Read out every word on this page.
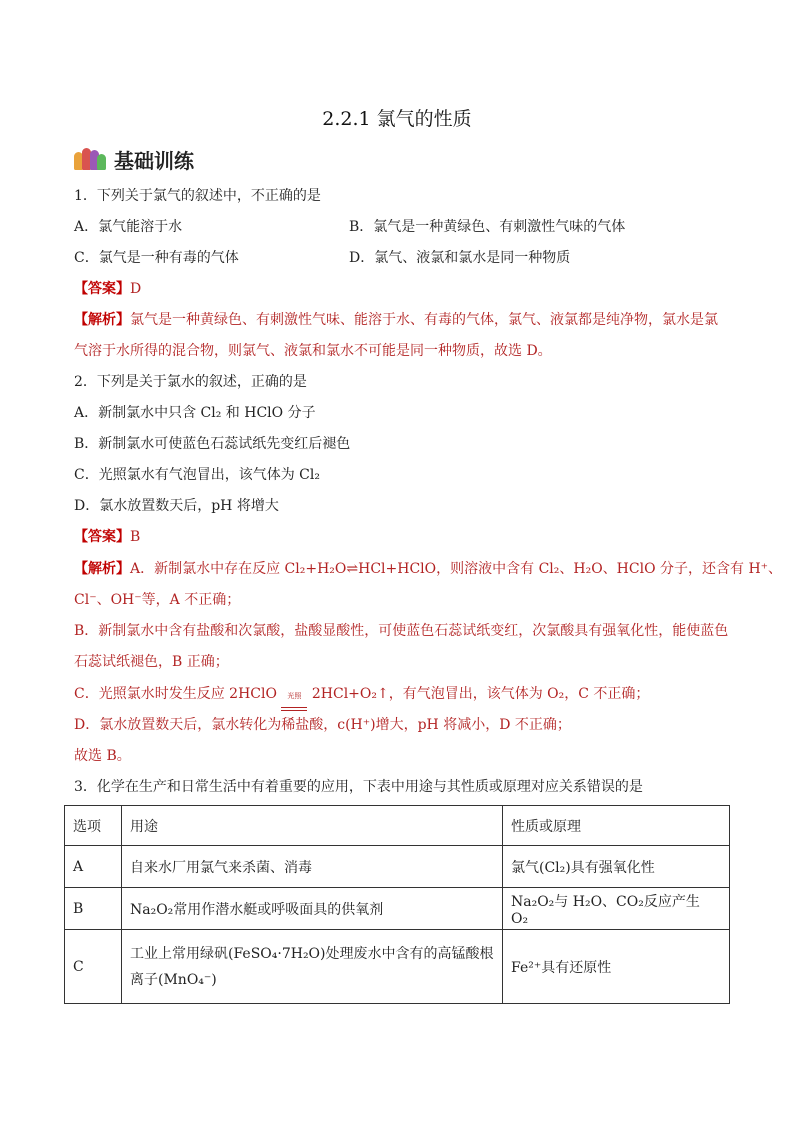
2.2.1 氯气的性质
基础训练
1．下列关于氯气的叙述中，不正确的是
A．氯气能溶于水	B．氯气是一种黄绿色、有刺激性气味的气体
C．氯气是一种有毒的气体	D．氯气、液氯和氯水是同一种物质
【答案】D
【解析】氯气是一种黄绿色、有刺激性气味、能溶于水、有毒的气体，氯气、液氯都是纯净物，氯水是氯
气溶于水所得的混合物，则氯气、液氯和氯水不可能是同一种物质，故选 D。
2．下列是关于氯水的叙述，正确的是
A．新制氯水中只含 Cl₂ 和 HClO 分子
B．新制氯水可使蓝色石蕊试纸先变红后褪色
C．光照氯水有气泡冒出，该气体为 Cl₂
D．氯水放置数天后，pH 将增大
【答案】B
【解析】A．新制氯水中存在反应 Cl₂+H₂O⇌HCl+HClO，则溶液中含有 Cl₂、H₂O、HClO 分子，还含有 H⁺、
Cl⁻、OH⁻等，A 不正确；
B．新制氯水中含有盐酸和次氯酸，盐酸显酸性，可使蓝色石蕊试纸变红，次氯酸具有强氧化性，能使蓝色
石蕊试纸褪色，B 正确；
C．光照氯水时发生反应 2HClO 光照 2HCl+O₂↑，有气泡冒出，该气体为 O₂，C 不正确；
D．氯水放置数天后，氯水转化为稀盐酸，c(H⁺)增大，pH 将减小，D 不正确；
故选 B。
3．化学在生产和日常生活中有着重要的应用，下表中用途与其性质或原理对应关系错误的是
选项	用途	性质或原理
A	自来水厂用氯气来杀菌、消毒	氯气(Cl₂)具有强氧化性
B	Na₂O₂常用作潜水艇或呼吸面具的供氧剂	Na₂O₂与 H₂O、CO₂反应产生 O₂
C	工业上常用绿矾(FeSO₄·7H₂O)处理废水中含有的高锰酸根离子(MnO₄⁻)	Fe²⁺具有还原性
